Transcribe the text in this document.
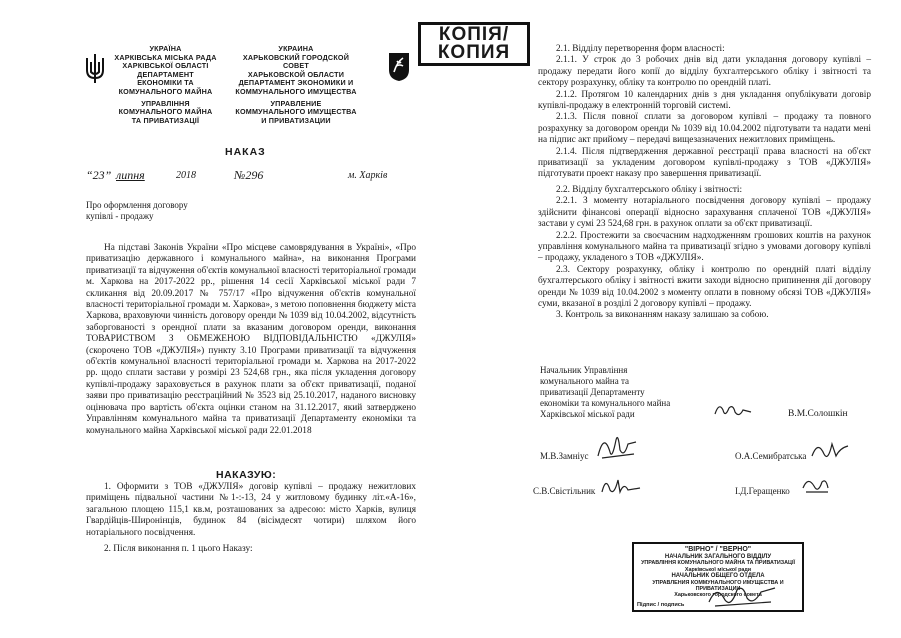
УКРАЇНА
ХАРКІВСЬКА МІСЬКА РАДА
ХАРКІВСЬКОЇ ОБЛАСТІ
ДЕПАРТАМЕНТ
ЕКОНОМІКИ ТА
КОМУНАЛЬНОГО МАЙНА
УПРАВЛІННЯ
КОМУНАЛЬНОГО МАЙНА
ТА ПРИВАТИЗАЦІЇ
УКРАИНА
ХАРЬКОВСКИЙ ГОРОДСКОЙ
СОВЕТ
ХАРЬКОВСКОЙ ОБЛАСТИ
ДЕПАРТАМЕНТ ЭКОНОМИКИ И
КОММУНАЛЬНОГО ИМУЩЕСТВА
УПРАВЛЕНИЕ
КОММУНАЛЬНОГО ИМУЩЕСТВА
И ПРИВАТИЗАЦИИ
КОПІЯ/
КОПИЯ
НАКАЗ
“23” липня	2018	№296	м. Харків
Про оформлення договору
купівлі - продажу
На підставі Законів України «Про місцеве самоврядування в Україні», «Про приватизацію державного і комунального майна», на виконання Програми приватизації та відчуження об'єктів комунальної власності територіальної громади м. Харкова на 2017-2022 рр., рішення 14 сесії Харківської міської ради 7 скликання від 20.09.2017 № 757/17 «Про відчуження об'єктів комунальної власності територіальної громади м. Харкова», з метою поповнення бюджету міста Харкова, враховуючи чинність договору оренди № 1039 від 10.04.2002, відсутність заборгованості з орендної плати за вказаним договором оренди, виконання ТОВАРИСТВОМ З ОБМЕЖЕНОЮ ВІДПОВІДАЛЬНІСТЮ «ДЖУЛІЯ» (скорочено ТОВ «ДЖУЛІЯ») пункту 3.10 Програми приватизації та відчуження об'єктів комунальної власності територіальної громади м. Харкова на 2017-2022 рр. щодо сплати застави у розмірі 23 524,68 грн., яка після укладення договору купівлі-продажу зараховується в рахунок плати за об'єкт приватизації, поданої заяви про приватизацію реєстраційний № 3523 від 25.10.2017, наданого висновку оцінювача про вартість об'єкта оцінки станом на 31.12.2017, який затверджено Управлінням комунального майна та приватизації Департаменту економіки та комунального майна Харківської міської ради 22.01.2018
НАКАЗУЮ:
1. Оформити з ТОВ «ДЖУЛІЯ» договір купівлі – продажу нежитлових приміщень підвальної частини №1-:-13, 24 у житловому будинку літ.«А-16», загальною площею 115,1 кв.м, розташованих за адресою: місто Харків, вулиця Гвардійців-Широнінців, будинок 84 (вісімдесят чотири) шляхом його нотаріального посвідчення.
2. Після виконання п. 1 цього Наказу:

2.1. Відділу перетворення форм власності:

2.1.1. У строк до 3 робочих днів від дати укладання договору купівлі – продажу передати його копії до відділу бухгалтерського обліку і звітності та сектору розрахунку, обліку та контролю по орендній платі.

2.1.2. Протягом 10 календарних днів з дня укладання опублікувати договір купівлі-продажу в електронній торговій системі.

2.1.3. Після повної сплати за договором купівлі – продажу та повного розрахунку за договором оренди № 1039 від 10.04.2002 підготувати та надати мені на підпис акт прийому – передачі вищезазначених нежитлових приміщень.

2.1.4. Після підтвердження державної реєстрації права власності на об'єкт приватизації за укладеним договором купівлі-продажу з ТОВ «ДЖУЛІЯ» підготувати проект наказу про завершення приватизації.

2.2. Відділу бухгалтерського обліку і звітності:

2.2.1. З моменту нотаріального посвідчення договору купівлі – продажу здійснити фінансові операції відносно зарахування сплаченої ТОВ «ДЖУЛІЯ» застави у сумі 23 524,68 грн. в рахунок оплати за об'єкт приватизації.

2.2.2. Простежити за своєчасним надходженням грошових коштів на рахунок управління комунального майна та приватизації згідно з умовами договору купівлі – продажу, укладеного з ТОВ «ДЖУЛІЯ».

2.3. Сектору розрахунку, обліку і контролю по орендній платі відділу бухгалтерського обліку і звітності вжити заходи відносно припинення дії договору оренди № 1039 від 10.04.2002 з моменту оплати в повному обсязі ТОВ «ДЖУЛІЯ» суми, вказаної в розділі 2 договору купівлі – продажу.

3. Контроль за виконанням наказу залишаю за собою.

Начальник Управління
комунального майна та
приватизації Департаменту
економіки та комунального майна
Харківської міської ради	В.М.Солошкін
М.В.Замніус	О.А.Семибратська
С.В.Свістільник	І.Д.Геращенко
"ВІРНО" / "ВЕРНО"
НАЧАЛЬНИК ЗАГАЛЬНОГО ВІДДІЛУ
УПРАВЛІННЯ КОМУНАЛЬНОГО МАЙНА ТА ПРИВАТИЗАЦІЇ
Харківської міської ради
НАЧАЛЬНИК ОБЩЕГО ОТДЕЛА
УПРАВЛЕНИЯ КОММУНАЛЬНОГО ИМУЩЕСТВА И ПРИВАТИЗАЦИИ
Харьковского городского совета
Підпис / подпись
